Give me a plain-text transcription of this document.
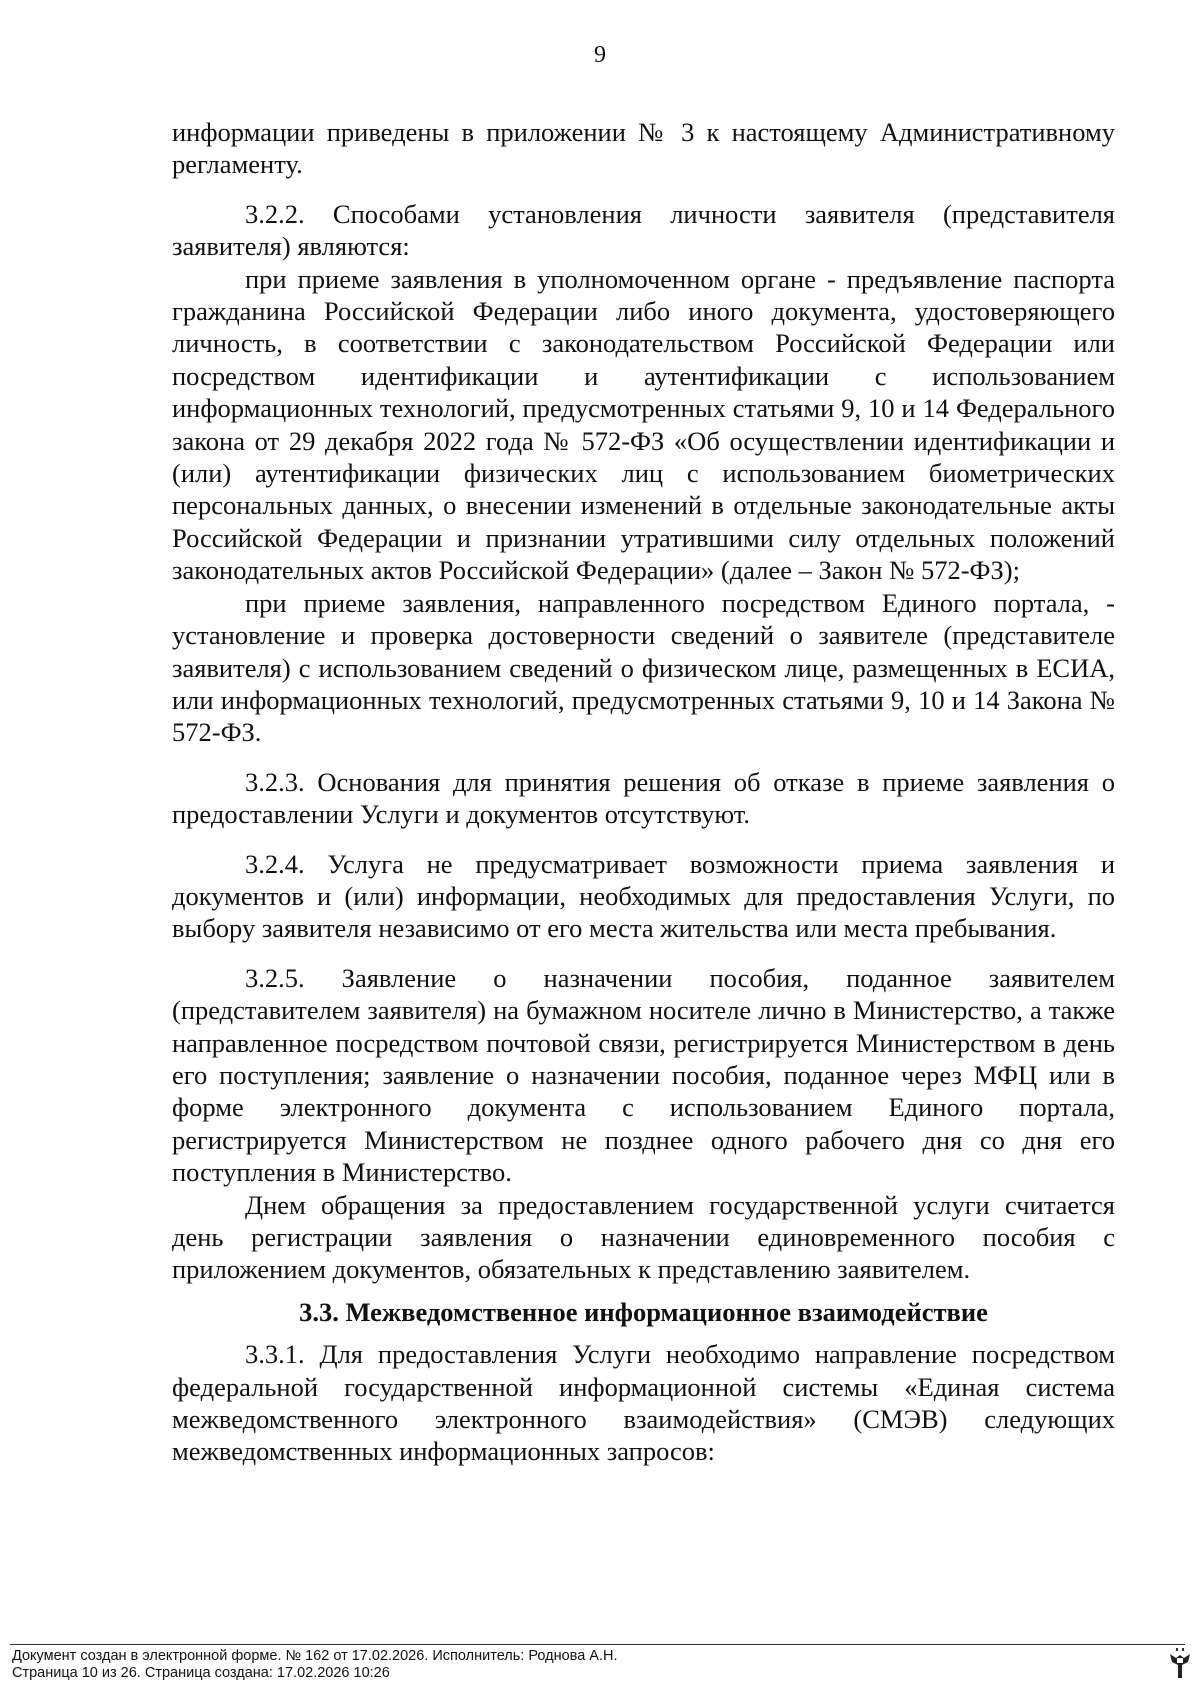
9

информации приведены в приложении № 3 к настоящему Административному регламенту.

3.2.2. Способами установления личности заявителя (представителя заявителя) являются:

при приеме заявления в уполномоченном органе - предъявление паспорта гражданина Российской Федерации либо иного документа, удостоверяющего личность, в соответствии с законодательством Российской Федерации или посредством идентификации и аутентификации с использованием информационных технологий, предусмотренных статьями 9, 10 и 14 Федерального закона от 29 декабря 2022 года № 572-ФЗ «Об осуществлении идентификации и (или) аутентификации физических лиц с использованием биометрических персональных данных, о внесении изменений в отдельные законодательные акты Российской Федерации и признании утратившими силу отдельных положений законодательных актов Российской Федерации» (далее – Закон № 572-ФЗ);

при приеме заявления, направленного посредством Единого портала, - установление и проверка достоверности сведений о заявителе (представителе заявителя) с использованием сведений о физическом лице, размещенных в ЕСИА, или информационных технологий, предусмотренных статьями 9, 10 и 14 Закона № 572-ФЗ.

3.2.3. Основания для принятия решения об отказе в приеме заявления о предоставлении Услуги и документов отсутствуют.

3.2.4. Услуга не предусматривает возможности приема заявления и документов и (или) информации, необходимых для предоставления Услуги, по выбору заявителя независимо от его места жительства или места пребывания.

3.2.5. Заявление о назначении пособия, поданное заявителем (представителем заявителя) на бумажном носителе лично в Министерство, а также направленное посредством почтовой связи, регистрируется Министерством в день его поступления; заявление о назначении пособия, поданное через МФЦ или в форме электронного документа с использованием Единого портала, регистрируется Министерством не позднее одного рабочего дня со дня его поступления в Министерство.

Днем обращения за предоставлением государственной услуги считается день регистрации заявления о назначении единовременного пособия с приложением документов, обязательных к представлению заявителем.

3.3. Межведомственное информационное взаимодействие

3.3.1. Для предоставления Услуги необходимо направление посредством федеральной государственной информационной системы «Единая система межведомственного электронного взаимодействия» (СМЭВ) следующих межведомственных информационных запросов:

Документ создан в электронной форме. № 162 от 17.02.2026. Исполнитель: Роднова А.Н.
Страница 10 из 26. Страница создана: 17.02.2026 10:26
